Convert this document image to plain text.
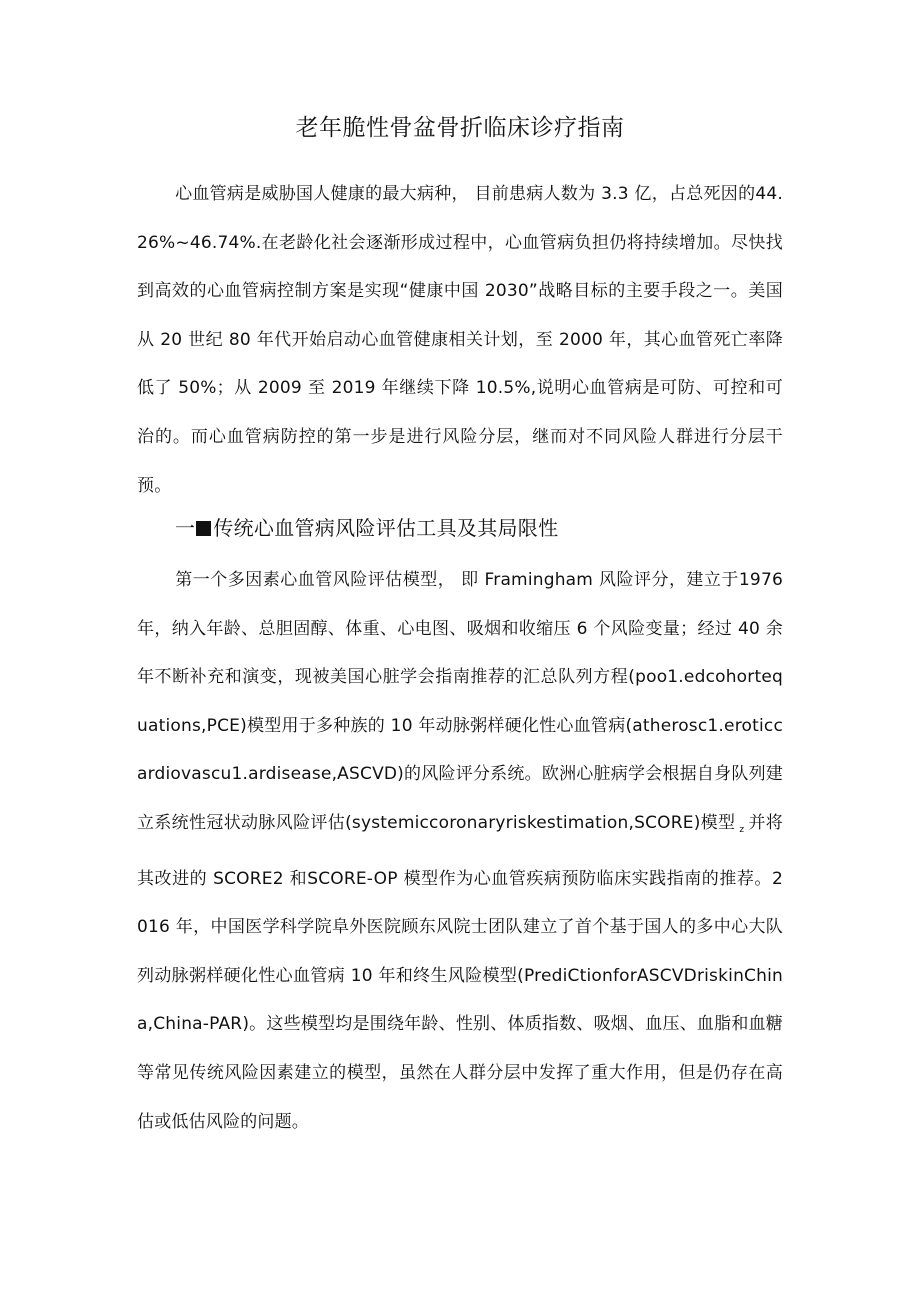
老年脆性骨盆骨折临床诊疗指南

心血管病是威胁国人健康的最大病种， 目前患病人数为 3.3 亿，占总死因的44.26%~46.74%.在老龄化社会逐渐形成过程中，心血管病负担仍将持续增加。尽快找到高效的心血管病控制方案是实现“健康中国 2030”战略目标的主要手段之一。美国从 20 世纪 80 年代开始启动心血管健康相关计划，至 2000 年，其心血管死亡率降低了 50%；从 2009 至 2019 年继续下降 10.5%,说明心血管病是可防、可控和可治的。而心血管病防控的第一步是进行风险分层，继而对不同风险人群进行分层干预。

一 传统心血管病风险评估工具及其局限性

第一个多因素心血管风险评估模型， 即 Framingham 风险评分，建立于1976 年，纳入年龄、总胆固醇、体重、心电图、吸烟和收缩压 6 个风险变量；经过 40 余年不断补充和演变，现被美国心脏学会指南推荐的汇总队列方程(poo1.edcohortequations,PCE)模型用于多种族的 10 年动脉粥样硬化性心血管病(atherosc1.eroticcardiovascu1.ardisease,ASCVD)的风险评分系统。欧洲心脏病学会根据自身队列建立系统性冠状动脉风险评估(systemiccoronaryriskestimation,SCORE)模型 $_z$ 并将其改进的 SCORE2 和SCORE-OP 模型作为心血管疾病预防临床实践指南的推荐。2016 年，中国医学科学院阜外医院顾东风院士团队建立了首个基于国人的多中心大队列动脉粥样硬化性心血管病 10 年和终生风险模型(PrediCtionforASCVDriskinChina,China-PAR)。这些模型均是围绕年龄、性别、体质指数、吸烟、血压、血脂和血糖等常见传统风险因素建立的模型，虽然在人群分层中发挥了重大作用，但是仍存在高估或低估风险的问题。
